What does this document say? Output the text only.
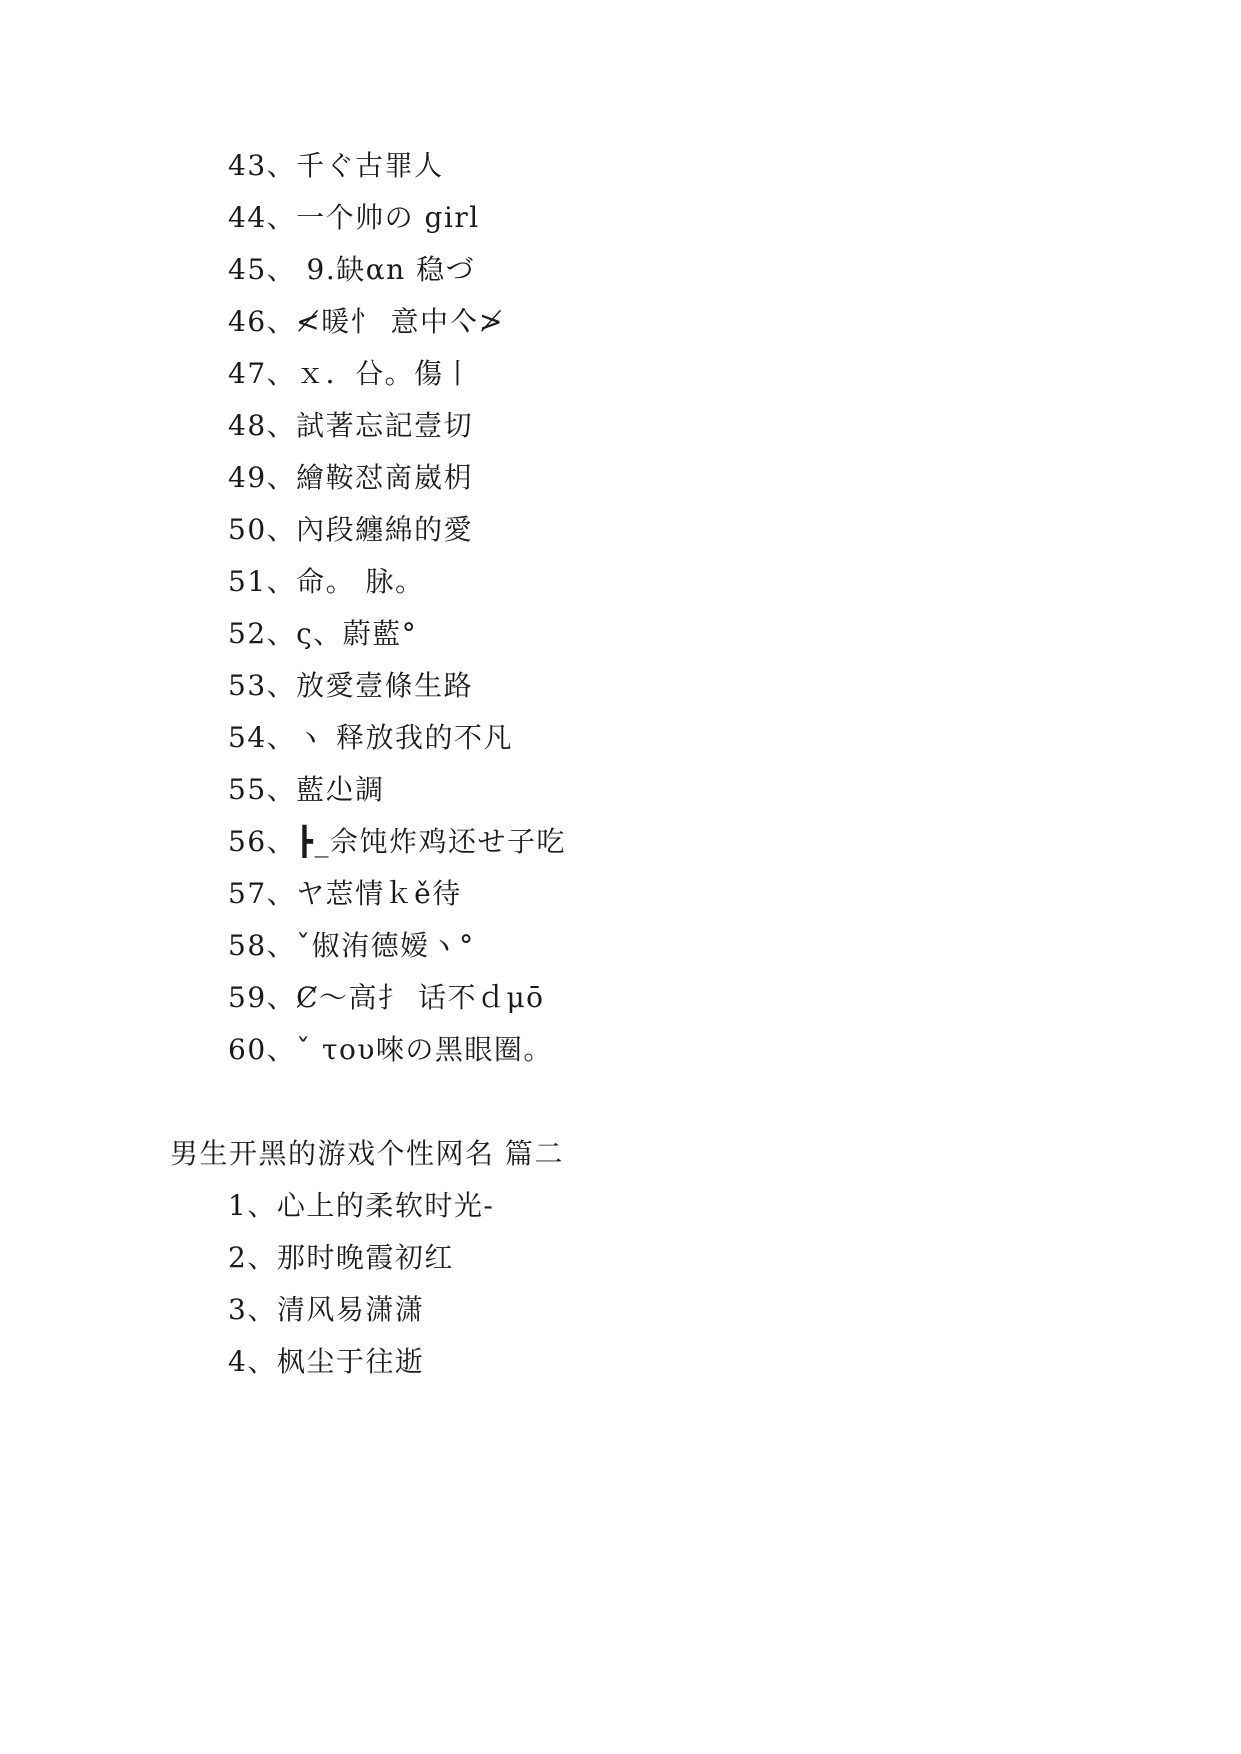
43、千ぐ古罪人
44、一个帅の girl
45、 9.缺αn 稳づ
46、≮暖忄 意中亽≯
47、ｘ．㕣。傷丨
48、試著忘記壹切
49、繪鞍怼啇崴枂
50、內段纏綿的愛
51、命。 脉。
52、ς、蔚藍°
53、放愛壹條生路
54、ヽ 释放我的不凡
55、藍尐調
56、┣_佘饨炸鸡还せ子吃
57、ヤ莣情ｋě待
58、ˇ俶洧德嫒ヽ°
59、Ȼ～高扌 话不ｄμō
60、ˇ του唻の黑眼圈。
男生开黑的游戏个性网名 篇二
1、心上的柔软时光-
2、那时晚霞初红
3、清风易潇潇
4、枫尘于往逝
